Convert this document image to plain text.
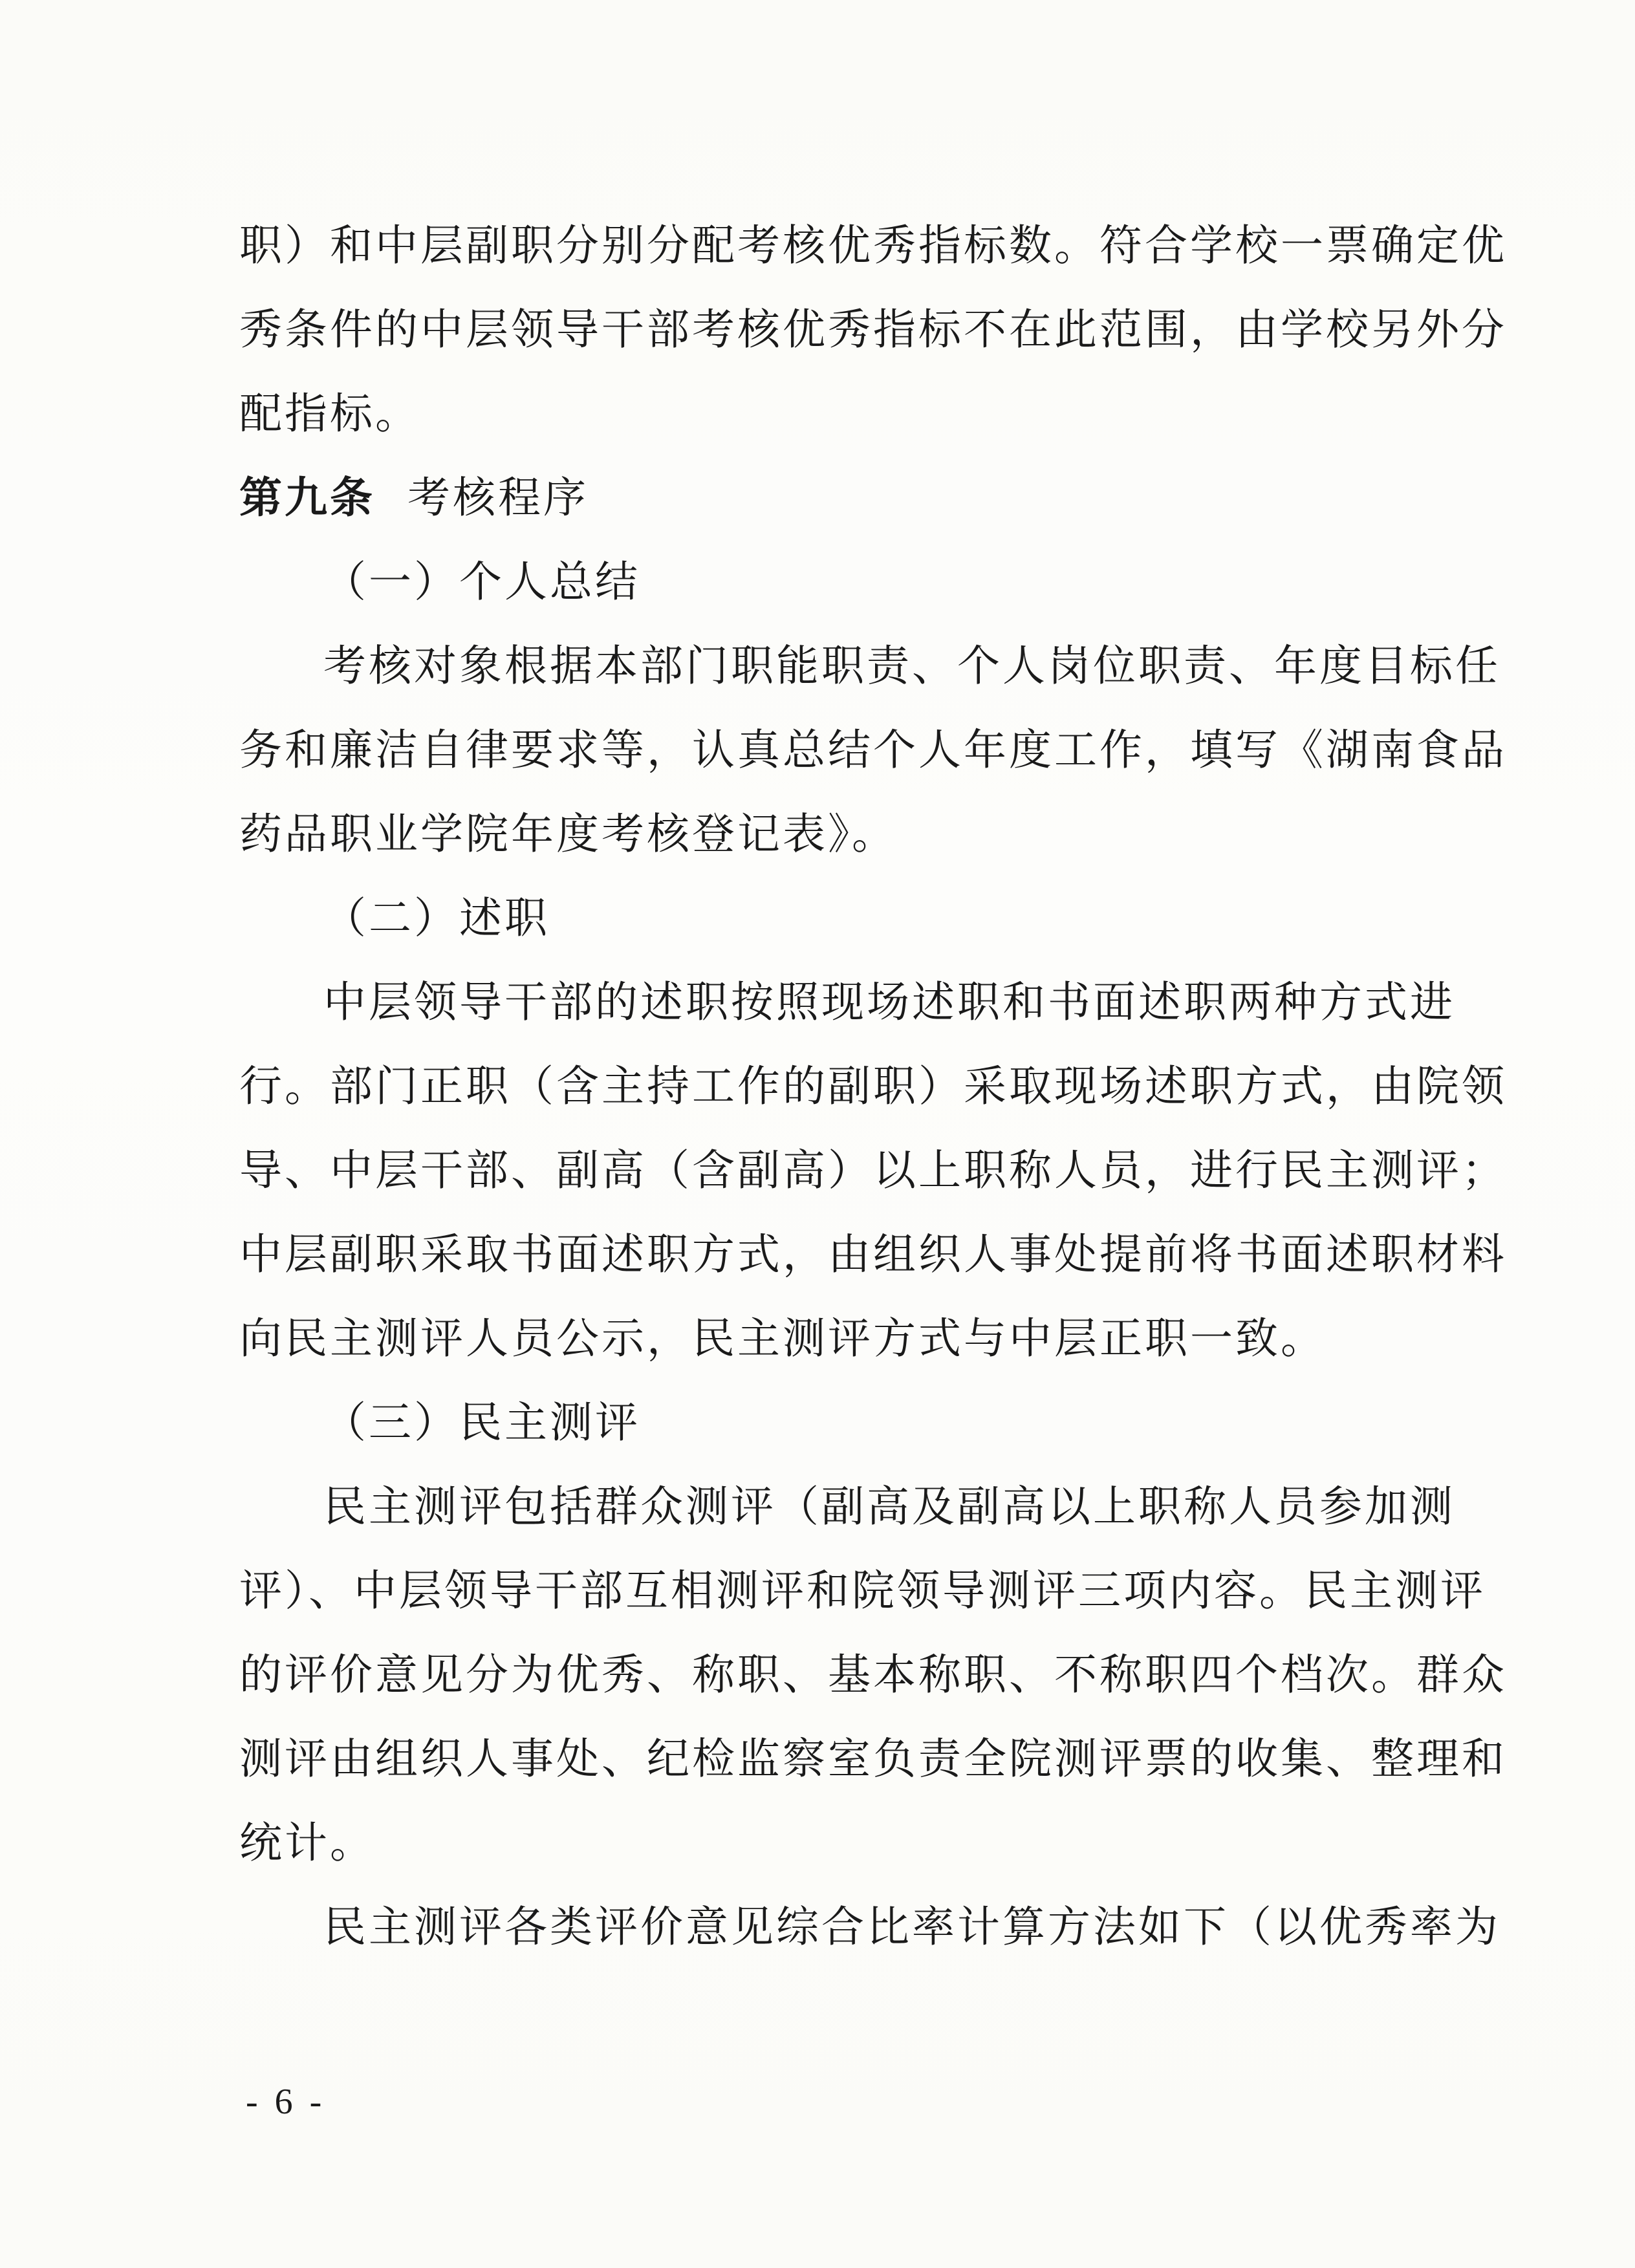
职）和中层副职分别分配考核优秀指标数。符合学校一票确定优
秀条件的中层领导干部考核优秀指标不在此范围，由学校另外分
配指标。
第九条 考核程序
（一）个人总结
考核对象根据本部门职能职责、个人岗位职责、年度目标任
务和廉洁自律要求等，认真总结个人年度工作，填写《湖南食品
药品职业学院年度考核登记表》。
（二）述职
中层领导干部的述职按照现场述职和书面述职两种方式进
行。部门正职（含主持工作的副职）采取现场述职方式，由院领
导、中层干部、副高（含副高）以上职称人员，进行民主测评；
中层副职采取书面述职方式，由组织人事处提前将书面述职材料
向民主测评人员公示，民主测评方式与中层正职一致。
（三）民主测评
民主测评包括群众测评（副高及副高以上职称人员参加测
评）、中层领导干部互相测评和院领导测评三项内容。民主测评
的评价意见分为优秀、称职、基本称职、不称职四个档次。群众
测评由组织人事处、纪检监察室负责全院测评票的收集、整理和
统计。
民主测评各类评价意见综合比率计算方法如下（以优秀率为
- 6 -
